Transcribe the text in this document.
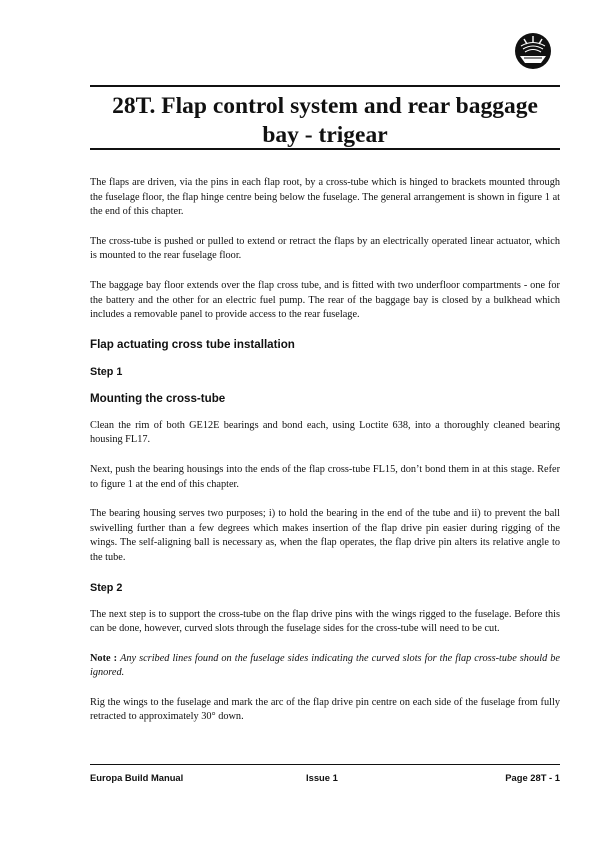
28T. Flap control system and rear baggage
bay - trigear

The flaps are driven, via the pins in each flap root, by a cross-tube which is hinged to brackets mounted through the fuselage floor, the flap hinge centre being below the fuselage. The general arrangement is shown in figure 1 at the end of this chapter.

The cross-tube is pushed or pulled to extend or retract the flaps by an electrically operated linear actuator, which is mounted to the rear fuselage floor.

The baggage bay floor extends over the flap cross tube, and is fitted with two underfloor compartments - one for the battery and the other for an electric fuel pump. The rear of the baggage bay is closed by a bulkhead which includes a removable panel to provide access to the rear fuselage.

Flap actuating cross tube installation
Step 1
Mounting the cross-tube

Clean the rim of both GE12E bearings and bond each, using Loctite 638, into a thoroughly cleaned bearing housing FL17.

Next, push the bearing housings into the ends of the flap cross-tube FL15, don’t bond them in at this stage. Refer to figure 1 at the end of this chapter.

The bearing housing serves two purposes; i) to hold the bearing in the end of the tube and ii) to prevent the ball swivelling further than a few degrees which makes insertion of the flap drive pin easier during rigging of the wings. The self-aligning ball is necessary as, when the flap operates, the flap drive pin alters its relative angle to the tube.

Step 2

The next step is to support the cross-tube on the flap drive pins with the wings rigged to the fuselage. Before this can be done, however, curved slots through the fuselage sides for the cross-tube will need to be cut.

Note : Any scribed lines found on the fuselage sides indicating the curved slots for the flap cross-tube should be ignored.

Rig the wings to the fuselage and mark the arc of the flap drive pin centre on each side of the fuselage from fully retracted to approximately 30° down.

Europa Build Manual	Issue 1	Page 28T - 1
